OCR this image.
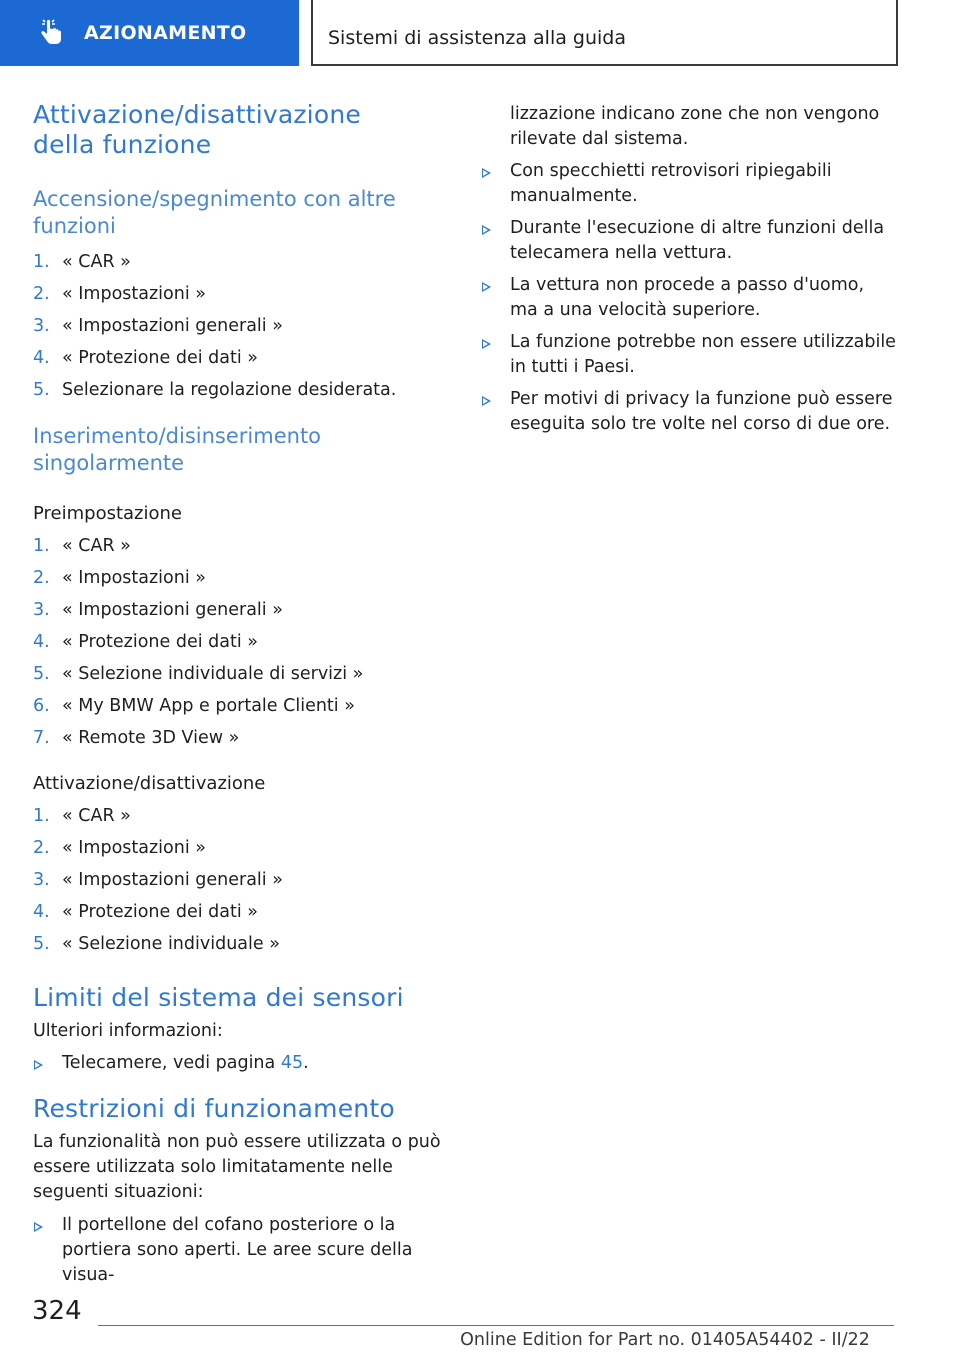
AZIONAMENTO	Sistemi di assistenza alla guida
Attivazione/disattivazione della funzione
Accensione/spegnimento con altre funzioni
1. « CAR »
2. « Impostazioni »
3. « Impostazioni generali »
4. « Protezione dei dati »
5. Selezionare la regolazione desiderata.
Inserimento/disinserimento singolarmente
Preimpostazione
1. « CAR »
2. « Impostazioni »
3. « Impostazioni generali »
4. « Protezione dei dati »
5. « Selezione individuale di servizi »
6. « My BMW App e portale Clienti »
7. « Remote 3D View »
Attivazione/disattivazione
1. « CAR »
2. « Impostazioni »
3. « Impostazioni generali »
4. « Protezione dei dati »
5. « Selezione individuale »
Limiti del sistema dei sensori

Ulteriori informazioni:

Telecamere, vedi pagina 45.
Restrizioni di funzionamento

La funzionalità non può essere utilizzata o può essere utilizzata solo limitatamente nelle seguenti situazioni:

Il portellone del cofano posteriore o la portiera sono aperti. Le aree scure della visua-

lizzazione indicano zone che non vengono rilevate dal sistema.

Con specchietti retrovisori ripiegabili manualmente.
Durante l'esecuzione di altre funzioni della telecamera nella vettura.
La vettura non procede a passo d'uomo, ma a una velocità superiore.
La funzione potrebbe non essere utilizzabile in tutti i Paesi.
Per motivi di privacy la funzione può essere eseguita solo tre volte nel corso di due ore.
324
Online Edition for Part no. 01405A54402 - II/22
